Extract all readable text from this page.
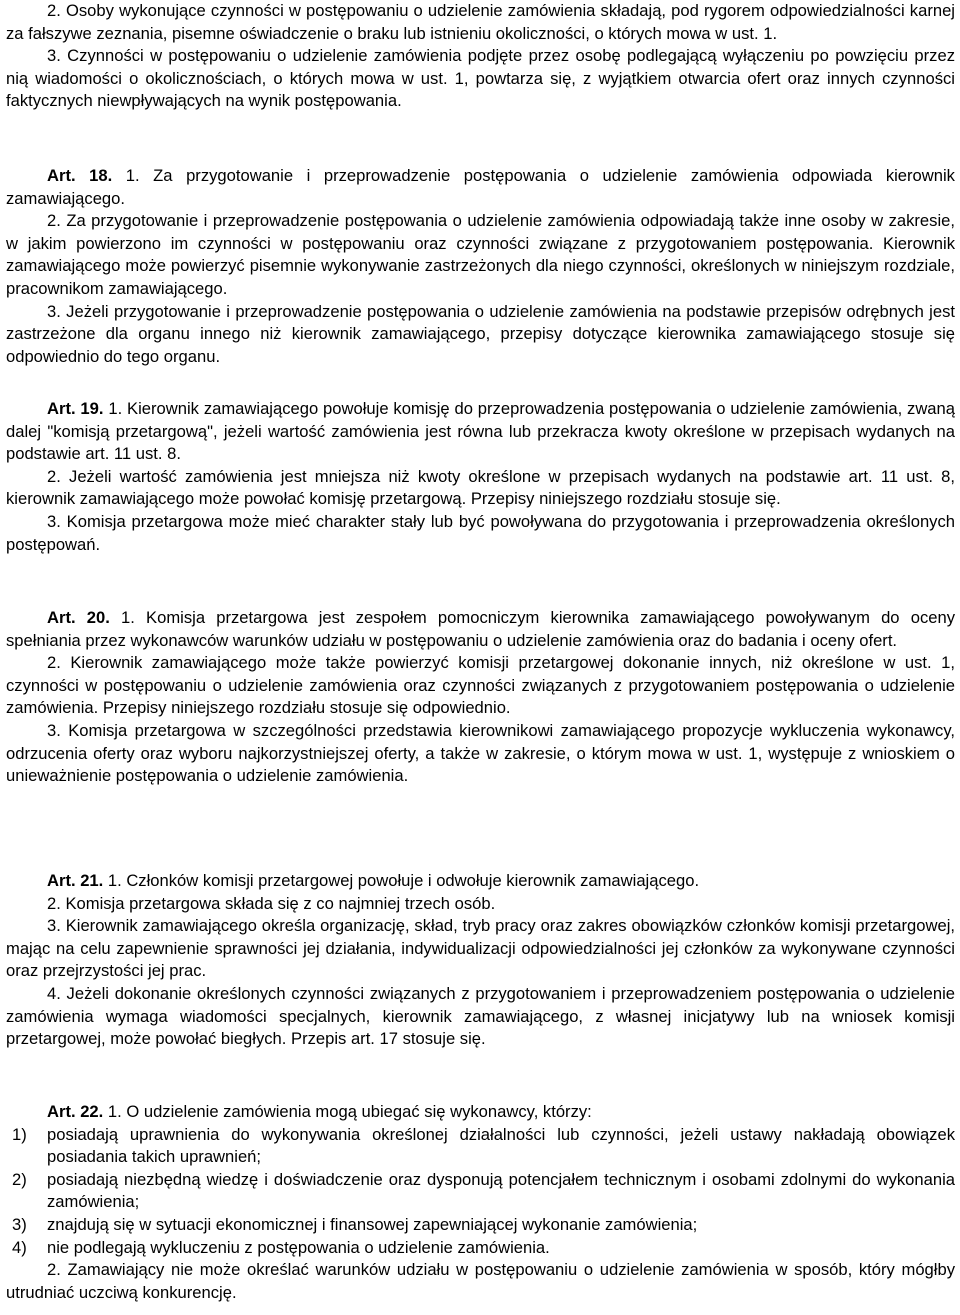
2. Osoby wykonujące czynności w postępowaniu o udzielenie zamówienia składają, pod rygorem odpowiedzialności karnej za fałszywe zeznania, pisemne oświadczenie o braku lub istnieniu okoliczności, o których mowa w ust. 1.

3. Czynności w postępowaniu o udzielenie zamówienia podjęte przez osobę podlegającą wyłączeniu po powzięciu przez nią wiadomości o okolicznościach, o których mowa w ust. 1, powtarza się, z wyjątkiem otwarcia ofert oraz innych czynności faktycznych niewpływających na wynik postępowania.

Art. 18. 1. Za przygotowanie i przeprowadzenie postępowania o udzielenie zamówienia odpowiada kierownik zamawiającego.

2. Za przygotowanie i przeprowadzenie postępowania o udzielenie zamówienia odpowiadają także inne osoby w zakresie, w jakim powierzono im czynności w postępowaniu oraz czynności związane z przygotowaniem postępowania. Kierownik zamawiającego może powierzyć pisemnie wykonywanie zastrzeżonych dla niego czynności, określonych w niniejszym rozdziale, pracownikom zamawiającego.

3. Jeżeli przygotowanie i przeprowadzenie postępowania o udzielenie zamówienia na podstawie przepisów odrębnych jest zastrzeżone dla organu innego niż kierownik zamawiającego, przepisy dotyczące kierownika zamawiającego stosuje się odpowiednio do tego organu.

Art. 19. 1. Kierownik zamawiającego powołuje komisję do przeprowadzenia postępowania o udzielenie zamówienia, zwaną dalej "komisją przetargową", jeżeli wartość zamówienia jest równa lub przekracza kwoty określone w przepisach wydanych na podstawie art. 11 ust. 8.

2. Jeżeli wartość zamówienia jest mniejsza niż kwoty określone w przepisach wydanych na podstawie art. 11 ust. 8, kierownik zamawiającego może powołać komisję przetargową. Przepisy niniejszego rozdziału stosuje się.

3. Komisja przetargowa może mieć charakter stały lub być powoływana do przygotowania i przeprowadzenia określonych postępowań.

Art. 20. 1. Komisja przetargowa jest zespołem pomocniczym kierownika zamawiającego powoływanym do oceny spełniania przez wykonawców warunków udziału w postępowaniu o udzielenie zamówienia oraz do badania i oceny ofert.

2. Kierownik zamawiającego może także powierzyć komisji przetargowej dokonanie innych, niż określone w ust. 1, czynności w postępowaniu o udzielenie zamówienia oraz czynności związanych z przygotowaniem postępowania o udzielenie zamówienia. Przepisy niniejszego rozdziału stosuje się odpowiednio.

3. Komisja przetargowa w szczególności przedstawia kierownikowi zamawiającego propozycje wykluczenia wykonawcy, odrzucenia oferty oraz wyboru najkorzystniejszej oferty, a także w zakresie, o którym mowa w ust. 1, występuje z wnioskiem o unieważnienie postępowania o udzielenie zamówienia.

Art. 21. 1. Członków komisji przetargowej powołuje i odwołuje kierownik zamawiającego.

2. Komisja przetargowa składa się z co najmniej trzech osób.

3. Kierownik zamawiającego określa organizację, skład, tryb pracy oraz zakres obowiązków członków komisji przetargowej, mając na celu zapewnienie sprawności jej działania, indywidualizacji odpowiedzialności jej członków za wykonywane czynności oraz przejrzystości jej prac.

4. Jeżeli dokonanie określonych czynności związanych z przygotowaniem i przeprowadzeniem postępowania o udzielenie zamówienia wymaga wiadomości specjalnych, kierownik zamawiającego, z własnej inicjatywy lub na wniosek komisji przetargowej, może powołać biegłych. Przepis art. 17 stosuje się.

Art. 22. 1. O udzielenie zamówienia mogą ubiegać się wykonawcy, którzy:

1) posiadają uprawnienia do wykonywania określonej działalności lub czynności, jeżeli ustawy nakładają obowiązek posiadania takich uprawnień;
2) posiadają niezbędną wiedzę i doświadczenie oraz dysponują potencjałem technicznym i osobami zdolnymi do wykonania zamówienia;
3) znajdują się w sytuacji ekonomicznej i finansowej zapewniającej wykonanie zamówienia;
4) nie podlegają wykluczeniu z postępowania o udzielenie zamówienia.

2. Zamawiający nie może określać warunków udziału w postępowaniu o udzielenie zamówienia w sposób, który mógłby utrudniać uczciwą konkurencję.
